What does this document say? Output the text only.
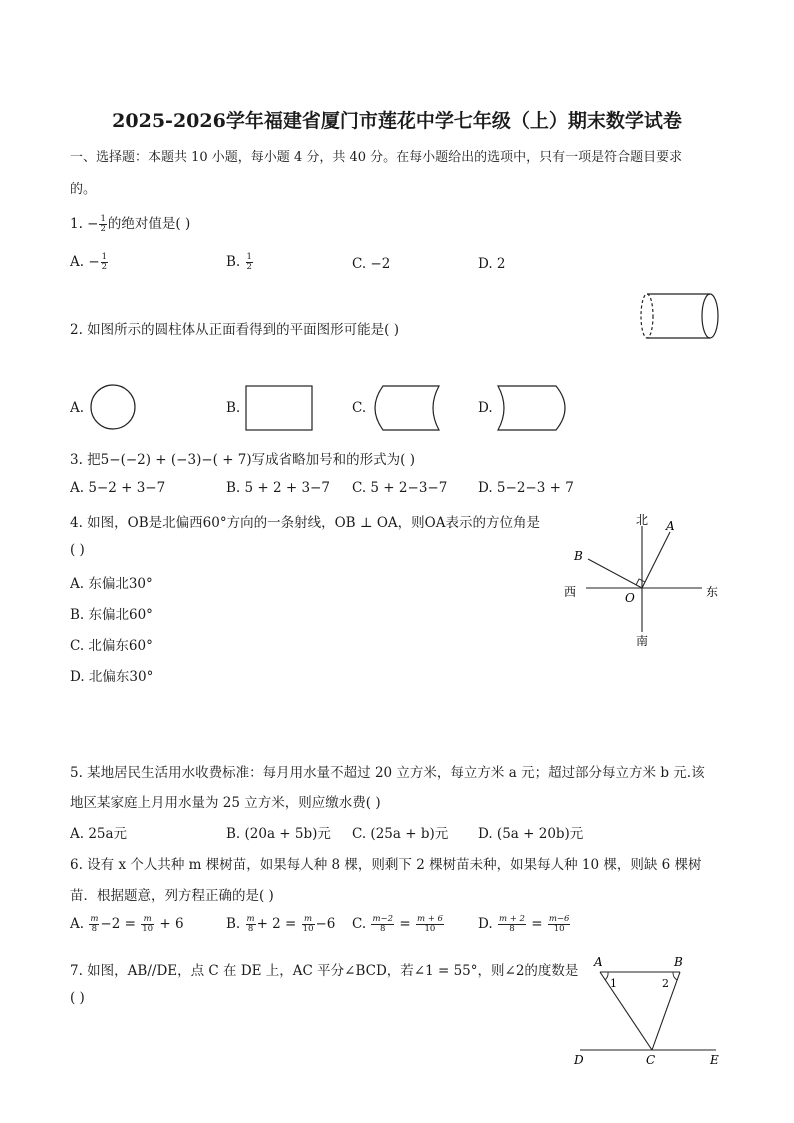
2025-2026学年福建省厦门市莲花中学七年级（上）期末数学试卷
一、选择题：本题共 10 小题，每小题 4 分，共 40 分。在每小题给出的选项中，只有一项是符合题目要求
的。
1. − $\frac{1}{2}$ 的绝对值是( )
A. − $\frac{1}{2}$	B. $\frac{1}{2}$	C. −2	D. 2
2. 如图所示的圆柱体从正面看得到的平面图形可能是( )
A.	B.	C.	D.
3. 把5−(−2) + (−3)−( + 7)写成省略加号和的形式为( )
A. 5−2 + 3−7	B. 5 + 2 + 3−7 C. 5 + 2−3−7 D. 5−2−3 + 7
4. 如图，OB是北偏西60°方向的一条射线，OB ⊥ OA，则OA表示的方位角是
( )
A. 东偏北30°
B. 东偏北60°
C. 北偏东60°
D. 北偏东30°
北
南
东
西
A
B
O
5. 某地居民生活用水收费标准：每月用水量不超过 20 立方米，每立方米 a 元；超过部分每立方米 b 元.该
地区某家庭上月用水量为 25 立方米，则应缴水费( )
A. 25a元	B. (20a + 5b)元 C. (25a + b)元 D. (5a + 20b)元
6. 设有 x 个人共种 m 棵树苗，如果每人种 8 棵，则剩下 2 棵树苗未种，如果每人种 10 棵，则缺 6 棵树
苗．根据题意，列方程正确的是( )
A. $\frac{m}{8} -2 = \frac{m}{10} + 6$	B. $\frac{m}{8} + 2 = \frac{m}{10} -6$ C. $\frac{m-2}{8} = \frac{m + 6}{10}$	D. $\frac{m + 2}{8} = \frac{m-6}{10}$
7. 如图，AB//DE，点 C 在 DE 上，AC 平分∠BCD，若∠1 = 55°，则∠2的度数是
( )
A	B
C
D	E
1	2
